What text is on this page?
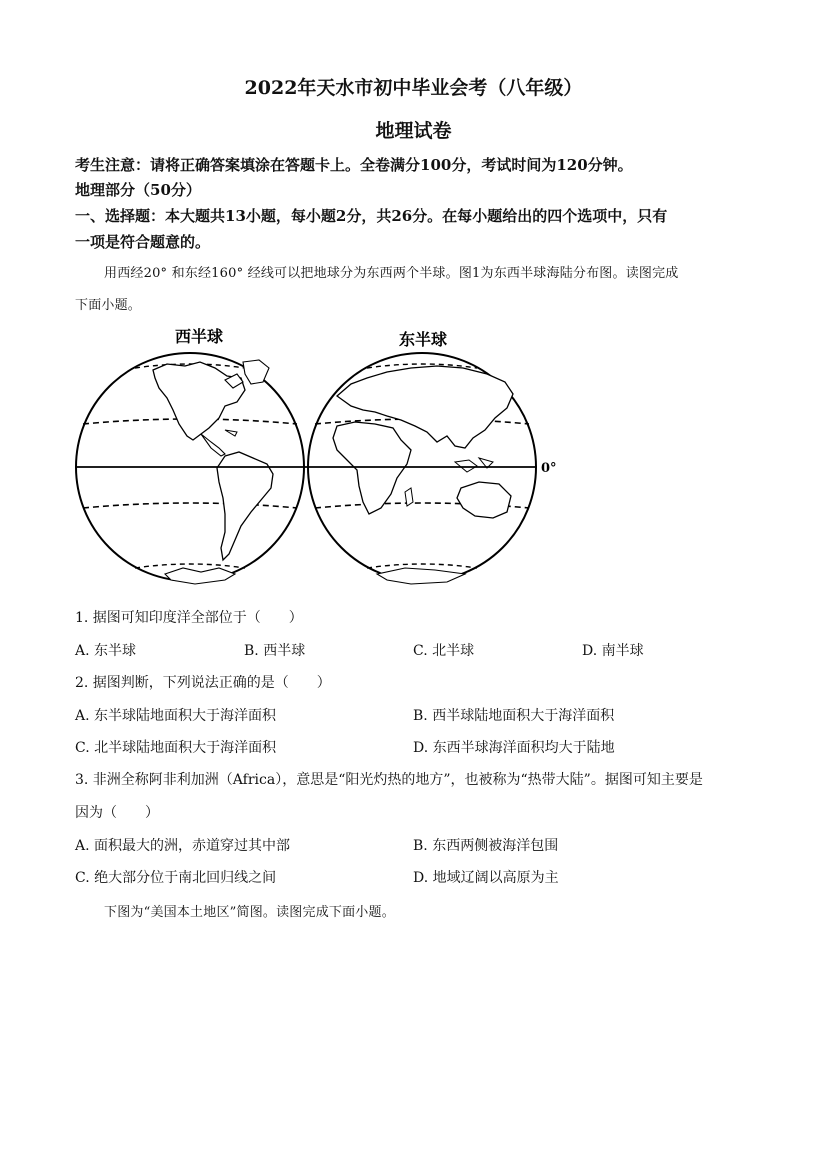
2022年天水市初中毕业会考（八年级）
地理试卷
考生注意：请将正确答案填涂在答题卡上。全卷满分100分，考试时间为120分钟。
地理部分（50分）
一、选择题：本大题共13小题，每小题2分，共26分。在每小题给出的四个选项中，只有
一项是符合题意的。
用西经20° 和东经160° 经线可以把地球分为东西两个半球。图1为东西半球海陆分布图。读图完成
下面小题。
西半球	东半球
0°
1. 据图可知印度洋全部位于（　　）
A. 东半球	B. 西半球	C. 北半球	D. 南半球
2. 据图判断，下列说法正确的是（　　）
A. 东半球陆地面积大于海洋面积	B. 西半球陆地面积大于海洋面积
C. 北半球陆地面积大于海洋面积	D. 东西半球海洋面积均大于陆地
3. 非洲全称阿非利加洲（Africa），意思是“阳光灼热的地方”，也被称为“热带大陆”。据图可知主要是
因为（　　）
A. 面积最大的洲，赤道穿过其中部	B. 东西两侧被海洋包围
C. 绝大部分位于南北回归线之间	D. 地域辽阔以高原为主
下图为“美国本土地区”简图。读图完成下面小题。
